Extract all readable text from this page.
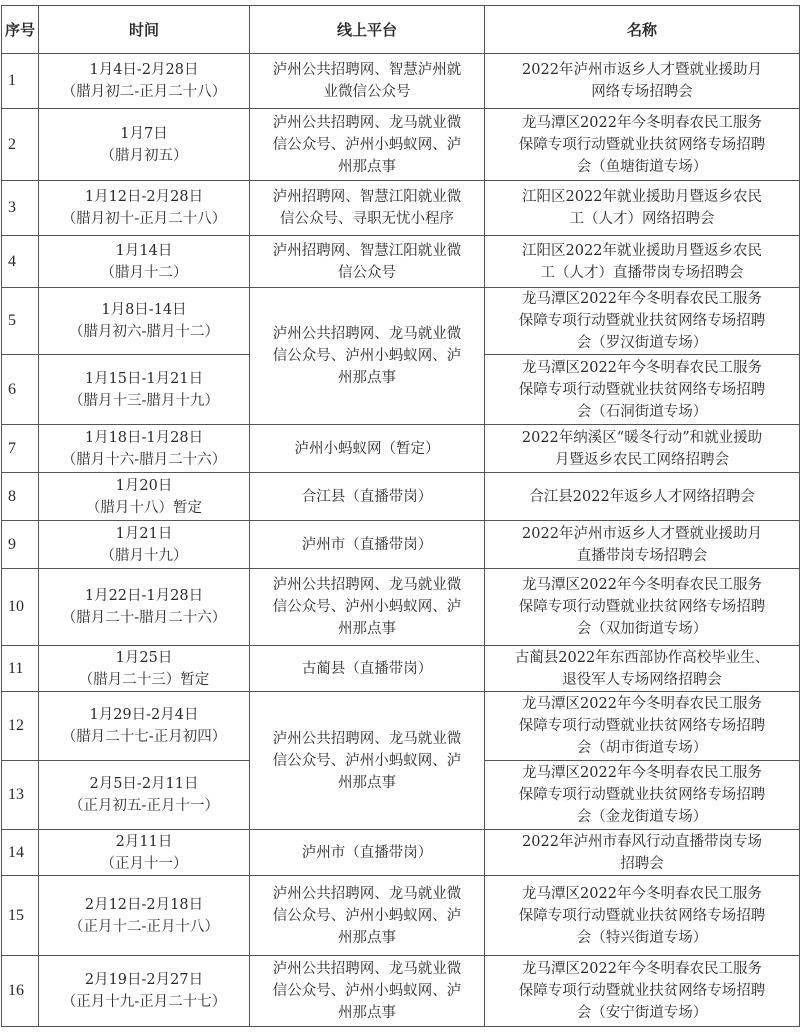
序号	时间	线上平台	名称

1	1月4日-2月28日
（腊月初二-正月二十八）	泸州公共招聘网、智慧泸州就
业微信公众号	2022年泸州市返乡人才暨就业援助月
网络专场招聘会

2	1月7日
（腊月初五）	泸州公共招聘网、龙马就业微
信公众号、泸州小蚂蚁网、泸
州那点事	龙马潭区2022年今冬明春农民工服务
保障专项行动暨就业扶贫网络专场招聘
会（鱼塘街道专场）

3	1月12日-2月28日
（腊月初十-正月二十八）	泸州招聘网、智慧江阳就业微
信公众号、寻职无忧小程序	江阳区2022年就业援助月暨返乡农民
工（人才）网络招聘会

4	1月14日
（腊月十二）	泸州招聘网、智慧江阳就业微
信公众号	江阳区2022年就业援助月暨返乡农民
工（人才）直播带岗专场招聘会

5	1月8日-14日
（腊月初六-腊月十二）	泸州公共招聘网、龙马就业微
信公众号、泸州小蚂蚁网、泸
州那点事	龙马潭区2022年今冬明春农民工服务
保障专项行动暨就业扶贫网络专场招聘
会（罗汉街道专场）

6	1月15日-1月21日
（腊月十三-腊月十九）		龙马潭区2022年今冬明春农民工服务
保障专项行动暨就业扶贫网络专场招聘
会（石洞街道专场）

7	1月18日-1月28日
（腊月十六-腊月二十六）	泸州小蚂蚁网（暂定）	2022年纳溪区“暖冬行动”和就业援助
月暨返乡农民工网络招聘会

8	1月20日
（腊月十八）暂定	合江县（直播带岗）	合江县2022年返乡人才网络招聘会

9	1月21日
（腊月十九）	泸州市（直播带岗）	2022年泸州市返乡人才暨就业援助月
直播带岗专场招聘会

10	1月22日-1月28日
（腊月二十-腊月二十六）	泸州公共招聘网、龙马就业微
信公众号、泸州小蚂蚁网、泸
州那点事	龙马潭区2022年今冬明春农民工服务
保障专项行动暨就业扶贫网络专场招聘
会（双加街道专场）

11	1月25日
（腊月二十三）暂定	古蔺县（直播带岗）	古蔺县2022年东西部协作高校毕业生、
退役军人专场网络招聘会

12	1月29日-2月4日
（腊月二十七-正月初四）	泸州公共招聘网、龙马就业微
信公众号、泸州小蚂蚁网、泸
州那点事	龙马潭区2022年今冬明春农民工服务
保障专项行动暨就业扶贫网络专场招聘
会（胡市街道专场）

13	2月5日-2月11日
（正月初五-正月十一）		龙马潭区2022年今冬明春农民工服务
保障专项行动暨就业扶贫网络专场招聘
会（金龙街道专场）

14	2月11日
（正月十一）	泸州市（直播带岗）	2022年泸州市春风行动直播带岗专场
招聘会

15	2月12日-2月18日
（正月十二-正月十八）	泸州公共招聘网、龙马就业微
信公众号、泸州小蚂蚁网、泸
州那点事	龙马潭区2022年今冬明春农民工服务
保障专项行动暨就业扶贫网络专场招聘
会（特兴街道专场）

16	2月19日-2月27日
（正月十九-正月二十七）	泸州公共招聘网、龙马就业微
信公众号、泸州小蚂蚁网、泸
州那点事	龙马潭区2022年今冬明春农民工服务
保障专项行动暨就业扶贫网络专场招聘
会（安宁街道专场）
